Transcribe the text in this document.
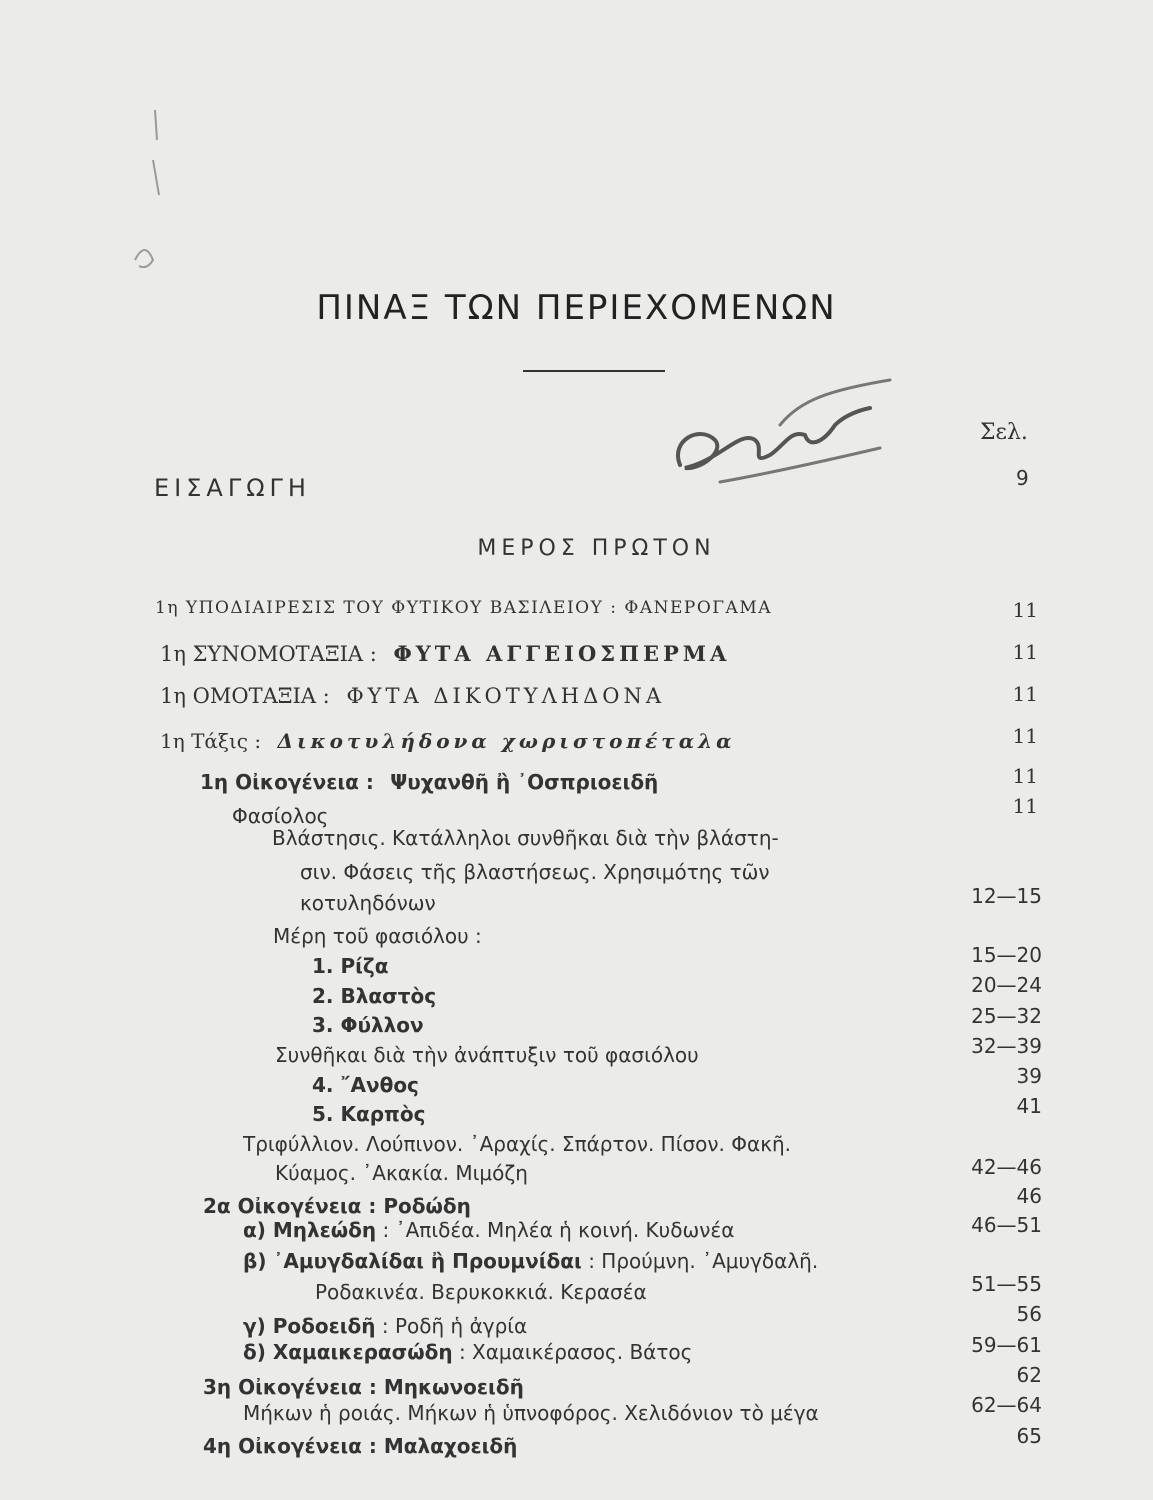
ΠΙΝΑΞ ΤΩΝ ΠΕΡΙΕΧΟΜΕΝΩΝ
Σελ.
ΕΙΣΑΓΩΓΗ	9
ΜΕΡΟΣ ΠΡΩΤΟΝ
1η ΥΠΟΔΙΑΙΡΕΣΙΣ ΤΟΥ ΦΥΤΙΚΟΥ ΒΑΣΙΛΕΙΟΥ : ΦΑΝΕΡΟΓΑΜΑ	11
1η ΣΥΝΟΜΟΤΑΞΙΑ : ΦΥΤΑ ΑΓΓΕΙΟΣΠΕΡΜΑ	11
1η ΟΜΟΤΑΞΙΑ : ΦΥΤΑ ΔΙΚΟΤΥΛΗΔΟΝΑ	11
1η Τάξις : Δικοτυλήδονα χωριστοπέταλα	11
1η Οἰκογένεια : Ψυχανθῆ ἢ ᾿Οσπριοειδῆ	11
Φασίολος	11
Βλάστησις. Κατάλληλοι συνθῆκαι διὰ τὴν βλάστη-
σιν. Φάσεις τῆς βλαστήσεως. Χρησιμότης τῶν
κοτυληδόνων	12—15
Μέρη τοῦ φασιόλου :
1. Ρίζα	15—20
2. Βλαστὸς	20—24
3. Φύλλον	25—32
Συνθῆκαι διὰ τὴν ἀνάπτυξιν τοῦ φασιόλου	32—39
4. ῎Ανθος	39
5. Καρπὸς	41
Τριφύλλιον. Λούπινον. ᾿Αραχίς. Σπάρτον. Πίσον. Φακῆ.
Κύαμος. ᾿Ακακία. Μιμόζη	42—46
2α Οἰκογένεια : Ροδώδη	46
α) Μηλεώδη : ᾿Απιδέα. Μηλέα ἡ κοινή. Κυδωνέα	46—51
β) ᾿Αμυγδαλίδαι ἢ Προυμνίδαι : Προύμνη. ᾿Αμυγδαλῆ.
Ροδακινέα. Βερυκοκκιά. Κερασέα	51—55
γ) Ροδοειδῆ : Ροδῆ ἡ ἀγρία	56
δ) Χαμαικερασώδη : Χαμαικέρασος. Βάτος	59—61
3η Οἰκογένεια : Μηκωνοειδῆ	62
Μήκων ἡ ροιάς. Μήκων ἡ ὑπνοφόρος. Χελιδόνιον τὸ μέγα	62—64
4η Οἰκογένεια : Μαλαχοειδῆ	65
